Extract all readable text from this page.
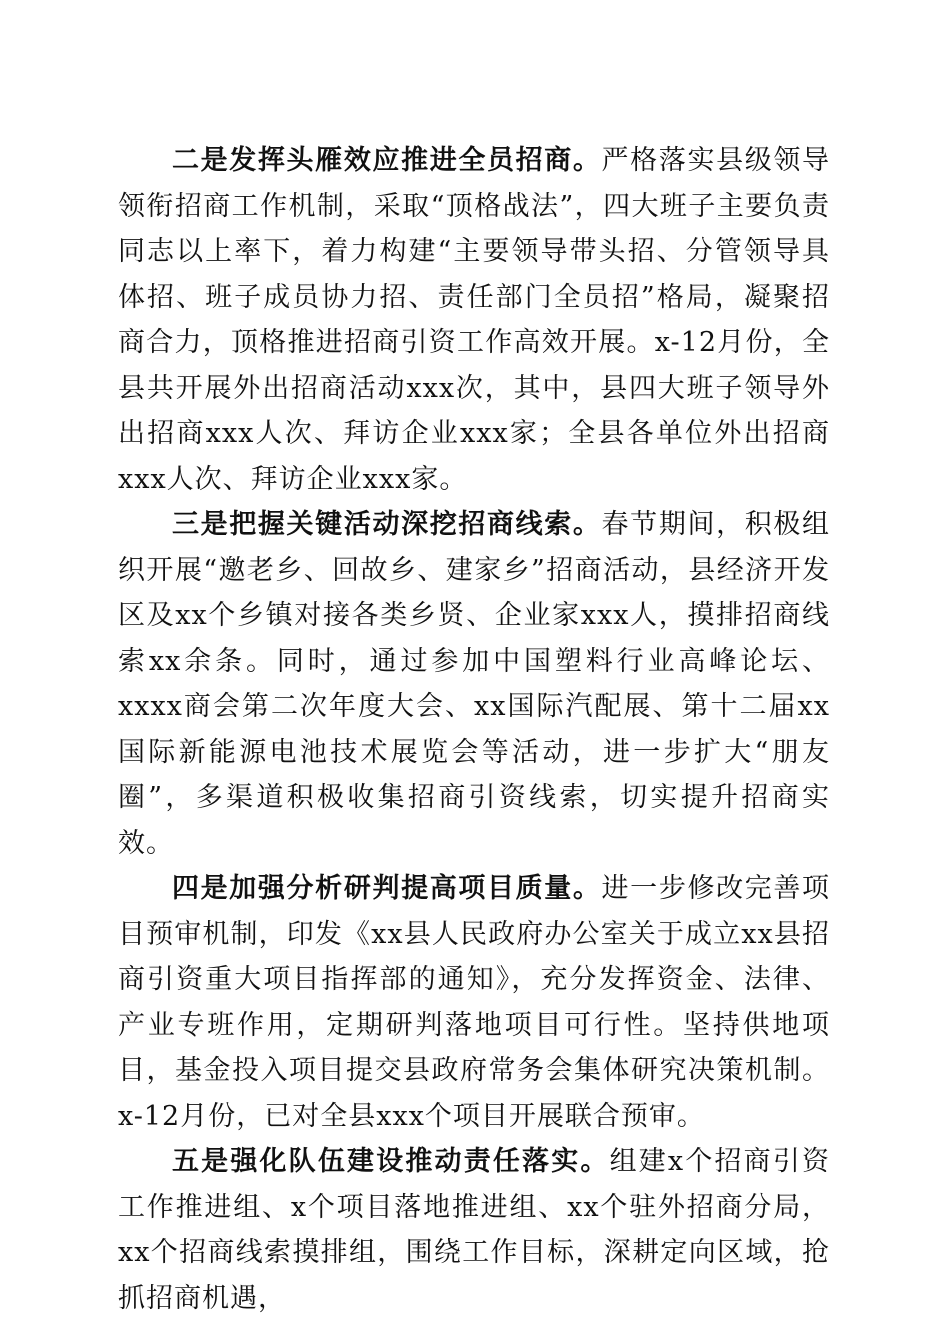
二是发挥头雁效应推进全员招商。严格落实县级领导领衔招商工作机制，采取“顶格战法”，四大班子主要负责同志以上率下，着力构建“主要领导带头招、分管领导具体招、班子成员协力招、责任部门全员招”格局，凝聚招商合力，顶格推进招商引资工作高效开展。x-12月份，全县共开展外出招商活动xxx次，其中，县四大班子领导外出招商xxx人次、拜访企业xxx家；全县各单位外出招商xxx人次、拜访企业xxx家。

三是把握关键活动深挖招商线索。春节期间，积极组织开展“邀老乡、回故乡、建家乡”招商活动，县经济开发区及xx个乡镇对接各类乡贤、企业家xxx人，摸排招商线索xx余条。同时，通过参加中国塑料行业高峰论坛、xxxx商会第二次年度大会、xx国际汽配展、第十二届xx国际新能源电池技术展览会等活动，进一步扩大“朋友圈”，多渠道积极收集招商引资线索，切实提升招商实效。

四是加强分析研判提高项目质量。进一步修改完善项目预审机制，印发《xx县人民政府办公室关于成立xx县招商引资重大项目指挥部的通知》，充分发挥资金、法律、产业专班作用，定期研判落地项目可行性。坚持供地项目，基金投入项目提交县政府常务会集体研究决策机制。x-12月份，已对全县xxx个项目开展联合预审。

五是强化队伍建设推动责任落实。组建x个招商引资工作推进组、x个项目落地推进组、xx个驻外招商分局，xx个招商线索摸排组，围绕工作目标，深耕定向区域，抢抓招商机遇，
